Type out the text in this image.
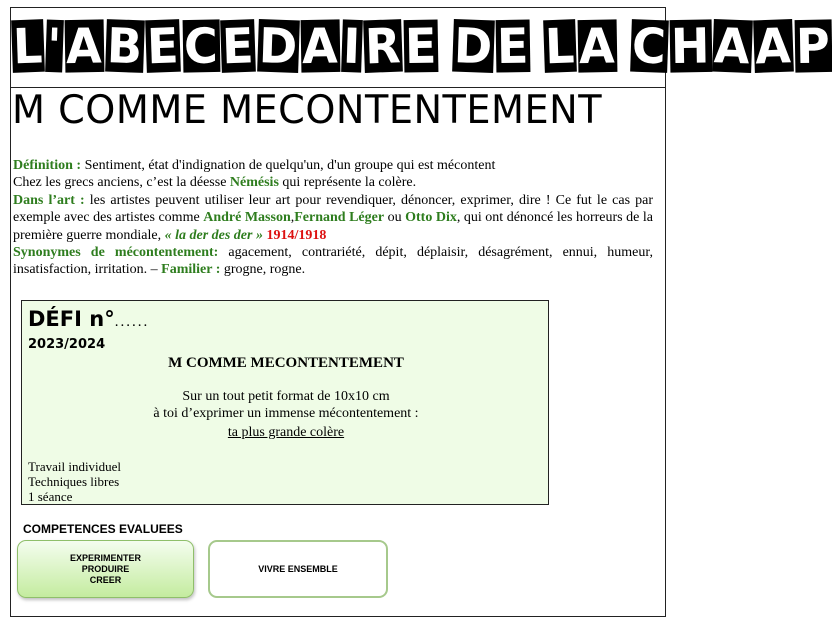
L'ABECEDAIRE DE LA CHAAP
M COMME MECONTENTEMENT
Définition : Sentiment, état d'indignation de quelqu'un, d'un groupe qui est mécontent
Chez les grecs anciens, c’est la déesse Némésis qui représente la colère.
Dans l’art : les artistes peuvent utiliser leur art pour revendiquer, dénoncer, exprimer, dire ! Ce fut le cas par exemple avec des artistes comme André Masson,Fernand Léger ou Otto Dix, qui ont dénoncé les horreurs de la première guerre mondiale, « la der des der » 1914/1918
Synonymes de mécontentement: agacement, contrariété, dépit, déplaisir, désagrément, ennui, humeur, insatisfaction, irritation. – Familier : grogne, rogne.
DÉFI n°......
2023/2024
M COMME MECONTENTEMENT
Sur un tout petit format de 10x10 cm
à toi d’exprimer un immense mécontentement :
ta plus grande colère
Travail individuel
Techniques libres
1 séance
COMPETENCES EVALUEES
EXPERIMENTER
PRODUIRE
CREER
VIVRE ENSEMBLE
